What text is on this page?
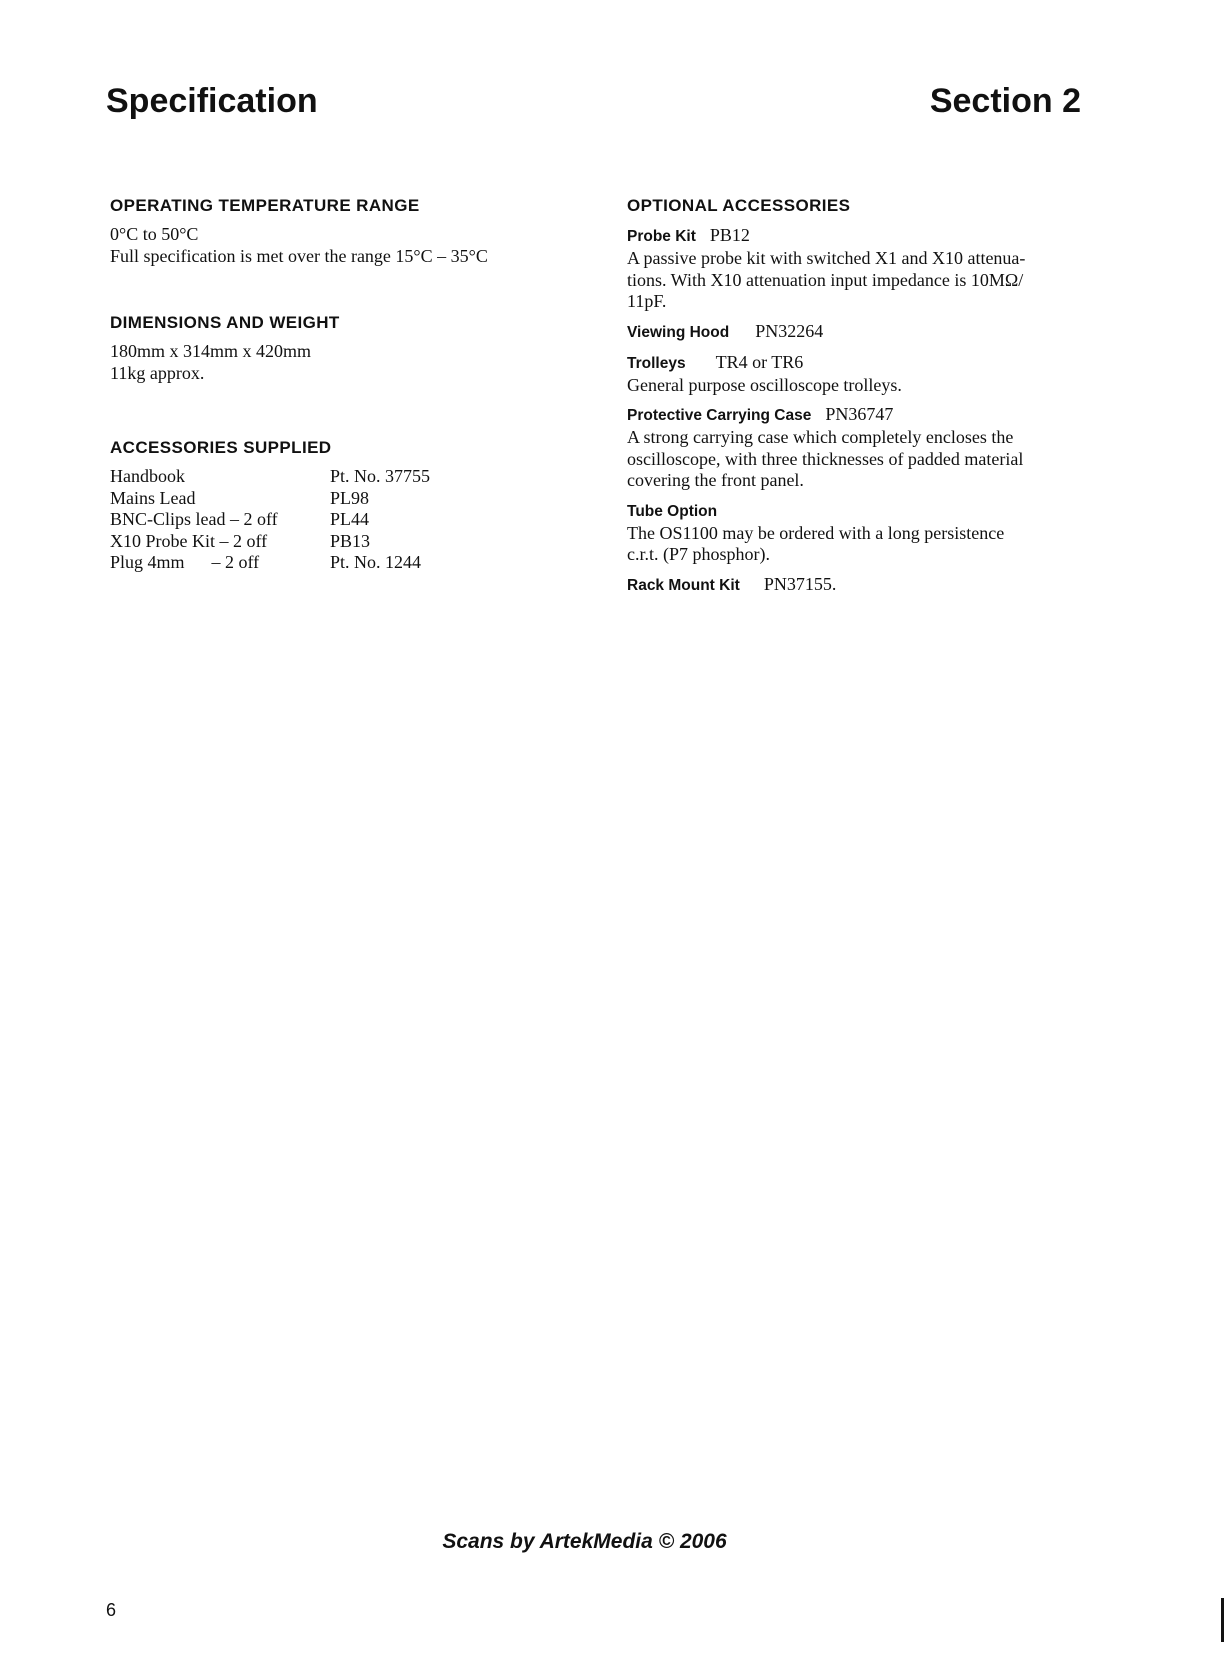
Specification	Section 2

OPERATING TEMPERATURE RANGE

0°C to 50°C

Full specification is met over the range 15°C – 35°C

DIMENSIONS AND WEIGHT

180mm x 314mm x 420mm

11kg approx.

ACCESSORIES SUPPLIED

Handbook	Pt. No. 37755
Mains Lead	PL98
BNC-Clips lead – 2 off	PL44
X10 Probe Kit – 2 off	PB13
Plug 4mm      – 2 off	Pt. No. 1244

OPTIONAL ACCESSORIES

Probe Kit PB12

A passive probe kit with switched X1 and X10 attenua-

tions. With X10 attenuation input impedance is 10MΩ/

11pF.

Viewing Hood PN32264
Trolleys TR4 or TR6

General purpose oscilloscope trolleys.

Protective Carrying Case PN36747

A strong carrying case which completely encloses the

oscilloscope, with three thicknesses of padded material

covering the front panel.

Tube Option

The OS1100 may be ordered with a long persistence

c.r.t. (P7 phosphor).

Rack Mount Kit PN37155.
Scans by ArtekMedia © 2006
6
